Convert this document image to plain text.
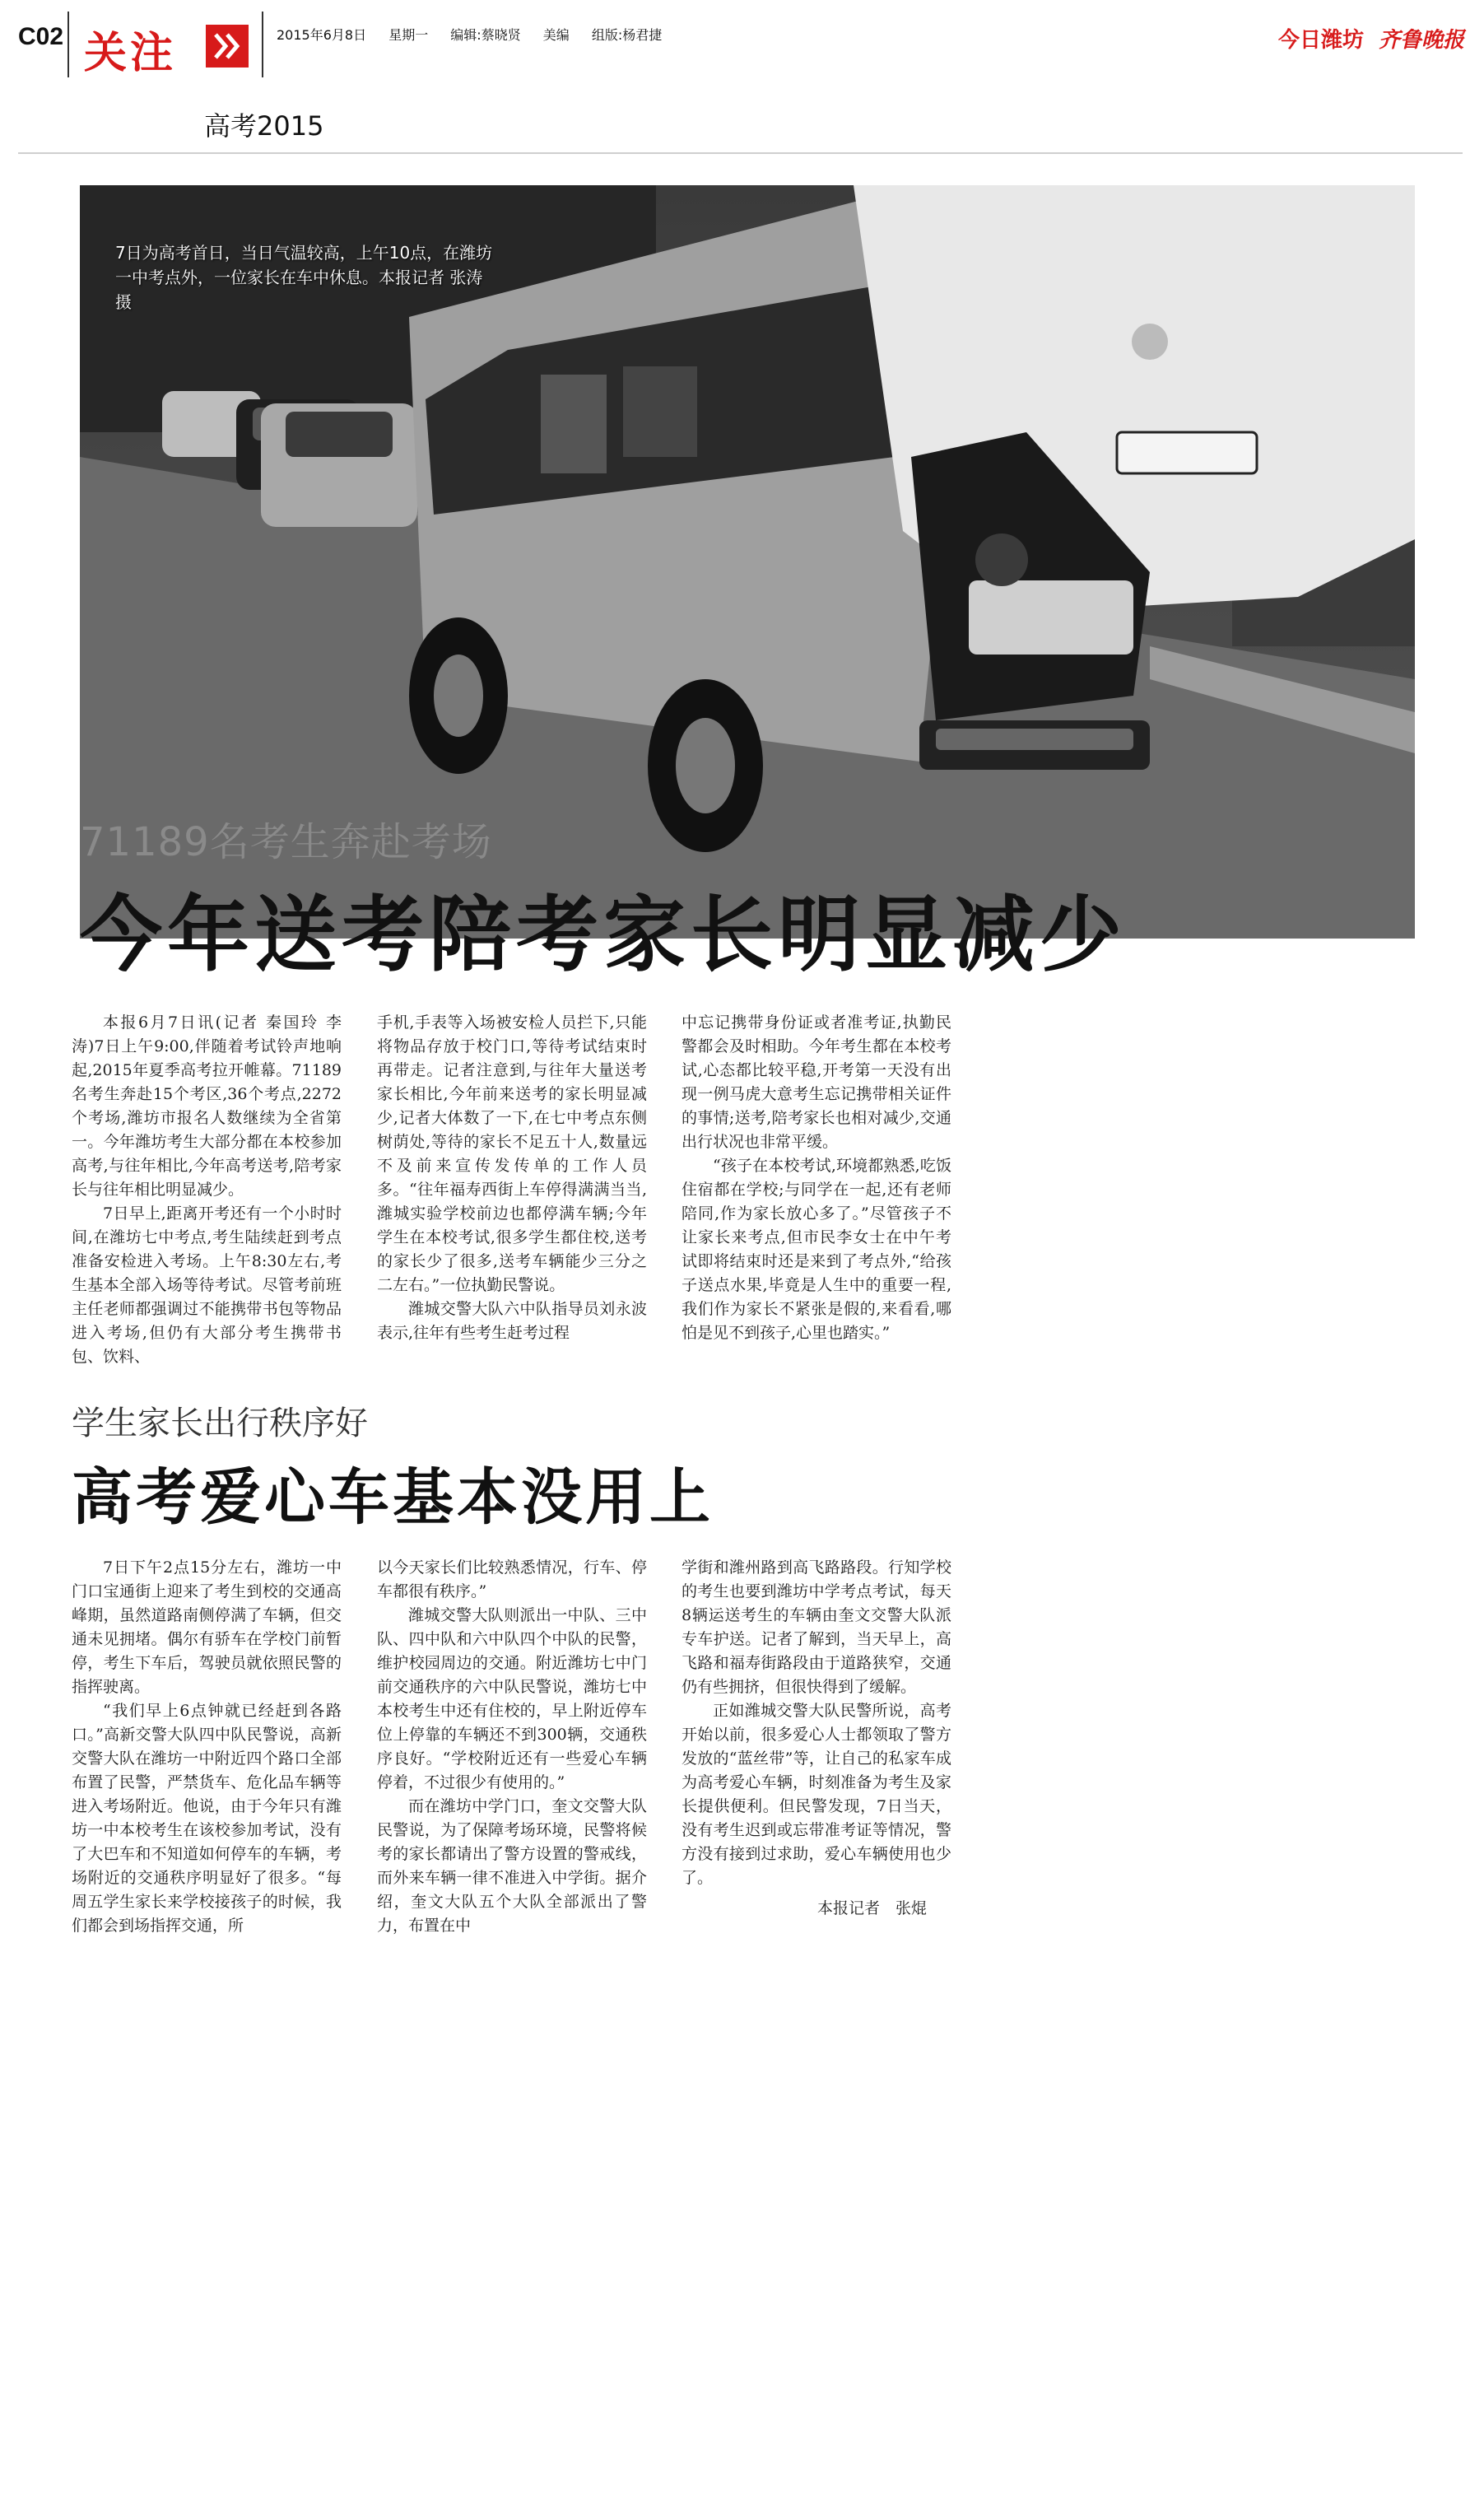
C02 关注	2015年6月8日 星期一 编辑:蔡晓贤 美编 组版:杨君捷	今日潍坊 齐鲁晚报
高考2015
7日为高考首日，当日气温较高，上午10点，在潍坊一中考点外，一位家长在车中休息。本报记者 张涛 摄
71189名考生奔赴考场
今年送考陪考家长明显减少

本报6月7日讯(记者 秦国玲 李涛)7日上午9:00,伴随着考试铃声地响起,2015年夏季高考拉开帷幕。71189名考生奔赴15个考区,36个考点,2272个考场,潍坊市报名人数继续为全省第一。今年潍坊考生大部分都在本校参加高考,与往年相比,今年高考送考,陪考家长与往年相比明显减少。

7日早上,距离开考还有一个小时时间,在潍坊七中考点,考生陆续赶到考点准备安检进入考场。上午8:30左右,考生基本全部入场等待考试。尽管考前班主任老师都强调过不能携带书包等物品进入考场,但仍有大部分考生携带书包、饮料、

手机,手表等入场被安检人员拦下,只能将物品存放于校门口,等待考试结束时再带走。记者注意到,与往年大量送考家长相比,今年前来送考的家长明显减少,记者大体数了一下,在七中考点东侧树荫处,等待的家长不足五十人,数量远不及前来宣传发传单的工作人员多。“往年福寿西街上车停得满满当当,潍城实验学校前边也都停满车辆;今年学生在本校考试,很多学生都住校,送考的家长少了很多,送考车辆能少三分之二左右。”一位执勤民警说。

潍城交警大队六中队指导员刘永波表示,往年有些考生赶考过程

中忘记携带身份证或者准考证,执勤民警都会及时相助。今年考生都在本校考试,心态都比较平稳,开考第一天没有出现一例马虎大意考生忘记携带相关证件的事情;送考,陪考家长也相对减少,交通出行状况也非常平缓。

“孩子在本校考试,环境都熟悉,吃饭住宿都在学校;与同学在一起,还有老师陪同,作为家长放心多了。”尽管孩子不让家长来考点,但市民李女士在中午考试即将结束时还是来到了考点外,“给孩子送点水果,毕竟是人生中的重要一程,我们作为家长不紧张是假的,来看看,哪怕是见不到孩子,心里也踏实。”

学生家长出行秩序好
高考爱心车基本没用上

7日下午2点15分左右，潍坊一中门口宝通街上迎来了考生到校的交通高峰期，虽然道路南侧停满了车辆，但交通未见拥堵。偶尔有骄车在学校门前暂停，考生下车后，驾驶员就依照民警的指挥驶离。

“我们早上6点钟就已经赶到各路口。”高新交警大队四中队民警说，高新交警大队在潍坊一中附近四个路口全部布置了民警，严禁货车、危化品车辆等进入考场附近。他说，由于今年只有潍坊一中本校考生在该校参加考试，没有了大巴车和不知道如何停车的车辆，考场附近的交通秩序明显好了很多。“每周五学生家长来学校接孩子的时候，我们都会到场指挥交通，所

以今天家长们比较熟悉情况，行车、停车都很有秩序。”

潍城交警大队则派出一中队、三中队、四中队和六中队四个中队的民警，维护校园周边的交通。附近潍坊七中门前交通秩序的六中队民警说，潍坊七中本校考生中还有住校的，早上附近停车位上停靠的车辆还不到300辆，交通秩序良好。“学校附近还有一些爱心车辆停着，不过很少有使用的。”

而在潍坊中学门口，奎文交警大队民警说，为了保障考场环境，民警将候考的家长都请出了警方设置的警戒线，而外来车辆一律不准进入中学街。据介绍，奎文大队五个大队全部派出了警力，布置在中

学街和潍州路到高飞路路段。行知学校的考生也要到潍坊中学考点考试，每天8辆运送考生的车辆由奎文交警大队派专车护送。记者了解到，当天早上，高飞路和福寿街路段由于道路狭窄，交通仍有些拥挤，但很快得到了缓解。

正如潍城交警大队民警所说，高考开始以前，很多爱心人士都领取了警方发放的“蓝丝带”等，让自己的私家车成为高考爱心车辆，时刻准备为考生及家长提供便利。但民警发现，7日当天，没有考生迟到或忘带准考证等情况，警方没有接到过求助，爱心车辆使用也少了。

本报记者　张焜
